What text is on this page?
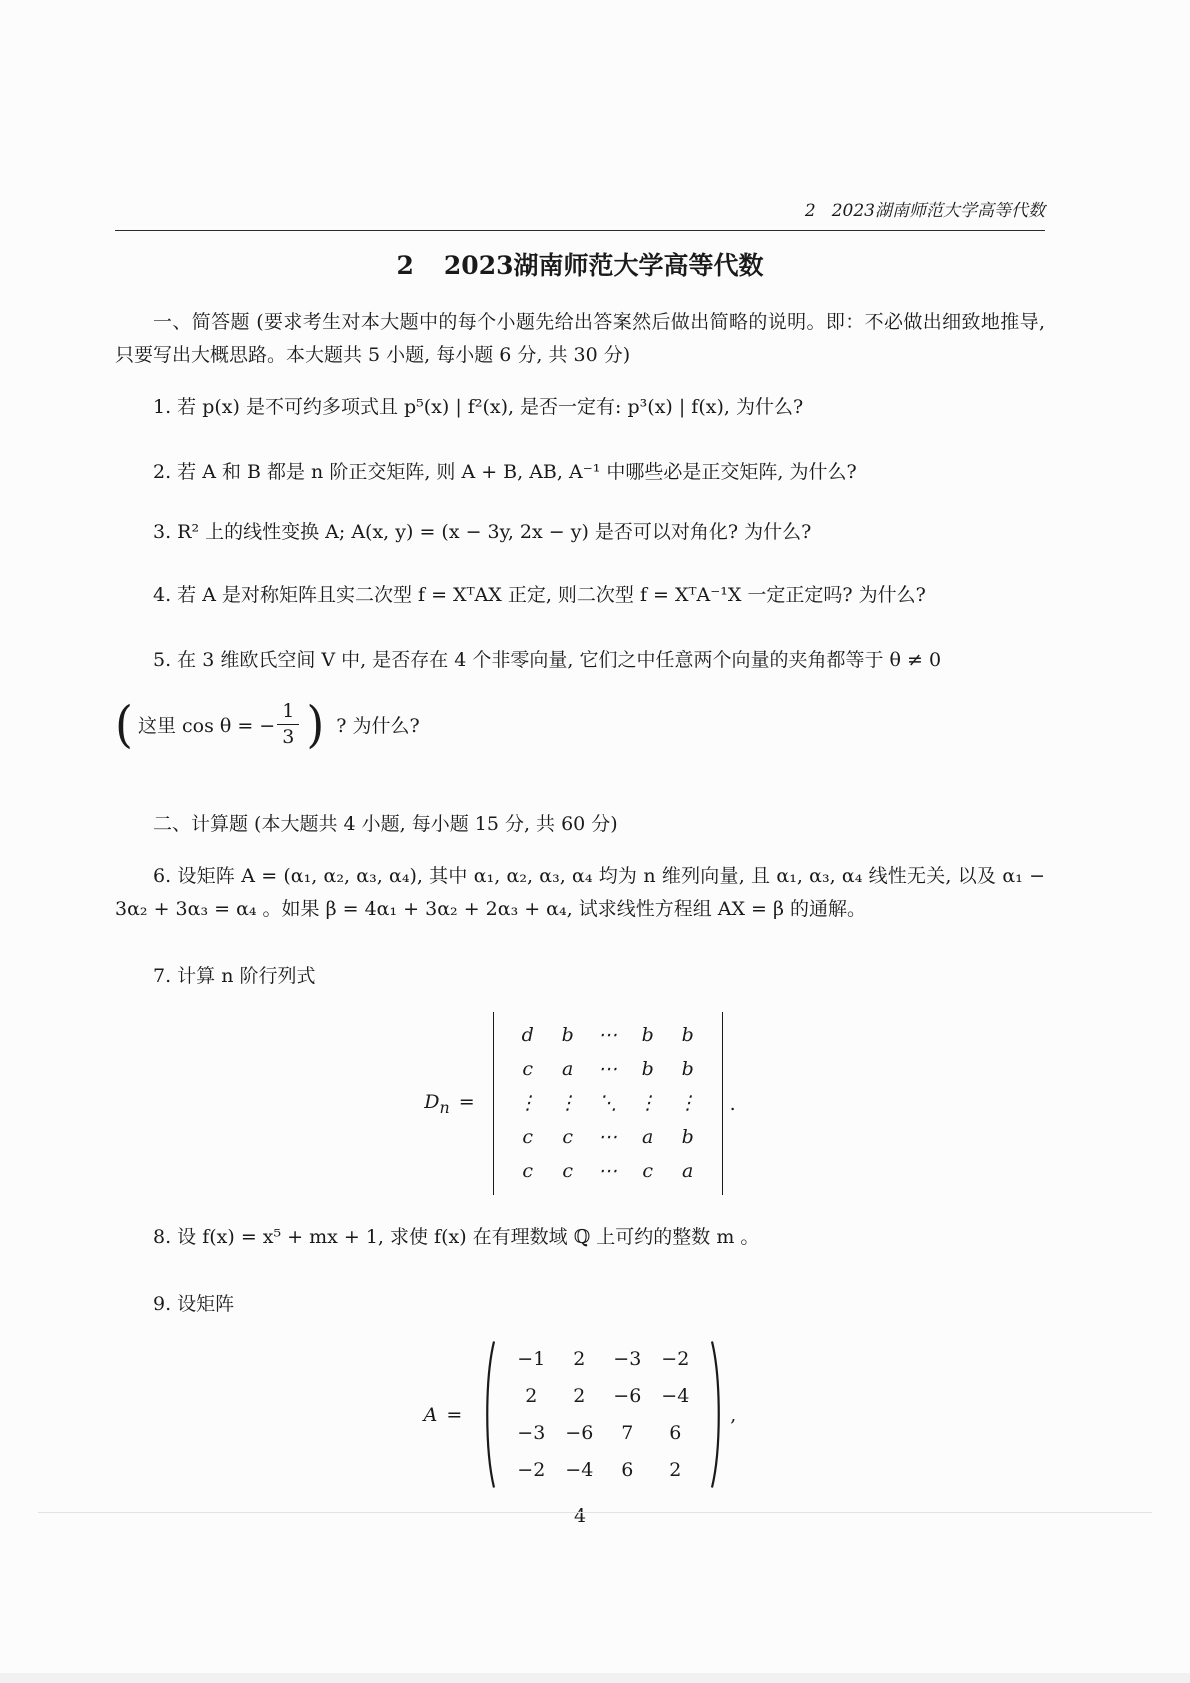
2 2023湖南师范大学高等代数
2 2023湖南师范大学高等代数

一、简答题 (要求考生对本大题中的每个小题先给出答案然后做出简略的说明。即：不必做出细致地推导, 只要写出大概思路。本大题共 5 小题, 每小题 6 分, 共 30 分)

1. 若 p(x) 是不可约多项式且 p⁵(x) | f²(x), 是否一定有: p³(x) | f(x), 为什么?

2. 若 A 和 B 都是 n 阶正交矩阵, 则 A + B, AB, A⁻¹ 中哪些必是正交矩阵, 为什么?

3. R² 上的线性变换 A; A(x, y) = (x − 3y, 2x − y) 是否可以对角化? 为什么?

4. 若 A 是对称矩阵且实二次型 f = XᵀAX 正定, 则二次型 f = XᵀA⁻¹X 一定正定吗? 为什么?

5. 在 3 维欧氏空间 V 中, 是否存在 4 个非零向量, 它们之中任意两个向量的夹角都等于 θ ≠ 0

( 这里 cos θ = − $\frac{1}{3}$ ) ? 为什么?

二、计算题 (本大题共 4 小题, 每小题 15 分, 共 60 分)

6. 设矩阵 A = (α₁, α₂, α₃, α₄), 其中 α₁, α₂, α₃, α₄ 均为 n 维列向量, 且 α₁, α₃, α₄ 线性无关, 以及 α₁ − 3α₂ + 3α₃ = α₄ 。如果 β = 4α₁ + 3α₂ + 2α₃ + α₄, 试求线性方程组 AX = β 的通解。

7. 计算 n 阶行列式

$D_n$ =
d b ⋯ b b
c a ⋯ b b
⋮ ⋮ ⋱ ⋮ ⋮
c c ⋯ a b
c c ⋯ c a
.

8. 设 f(x) = x⁵ + mx + 1, 求使 f(x) 在有理数域 ℚ 上可约的整数 m 。

9. 设矩阵

A =
−1 2 −3 −2
2 2 −6 −4
−3 −6 7 6
−2 −4 6 2
,
4
